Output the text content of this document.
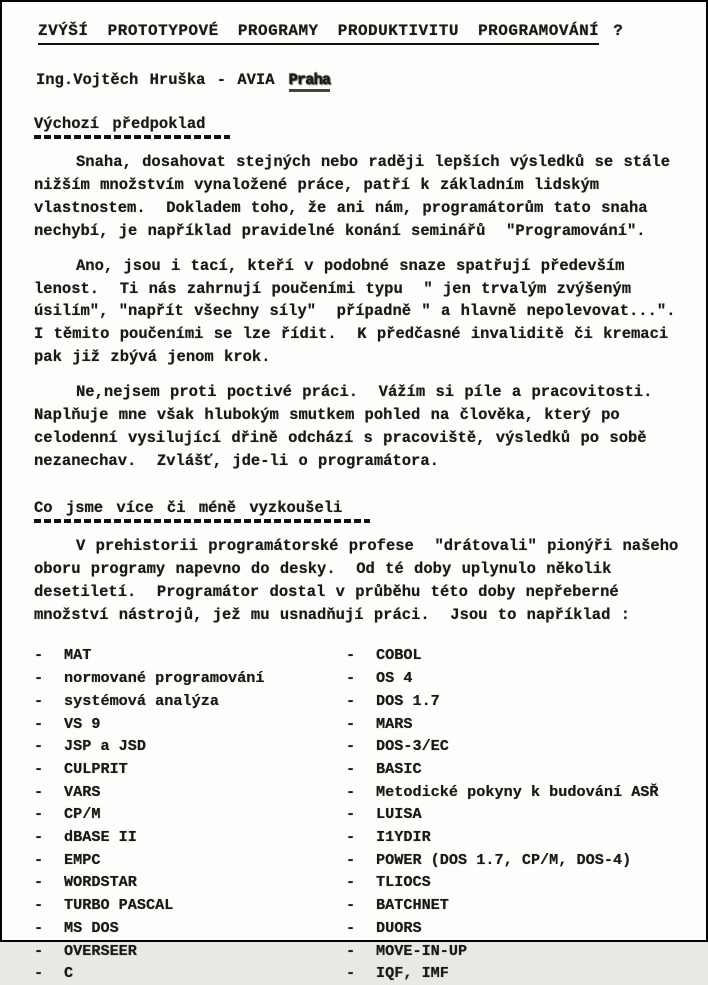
ZVÝŠÍ PROTOTYPOVÉ PROGRAMY PRODUKTIVITU PROGRAMOVÁNÍ ?
Ing.Vojtěch Hruška - AVIA Praha
Výchozí předpoklad

Snaha, dosahovat stejných nebo raději lepších výsledků se stále nižším množstvím vynaložené práce, patří k základním lidským vlastnostem.  Dokladem toho, že ani nám, programátorům tato snaha nechybí, je například pravidelné konání seminářů  "Programování".

Ano, jsou i tací, kteří v podobné snaze spatřují především lenost.  Ti nás zahrnují poučeními typu  " jen trvalým zvýšeným úsilím", "napřít všechny síly"  případně " a hlavně nepolevovat...".  I těmito poučeními se lze řídit.  K předčasné invaliditě či kremaci pak již zbývá jenom krok.

Ne,nejsem proti poctivé práci.  Vážím si píle a pracovitosti. Naplňuje mne však hlubokým smutkem pohled na člověka, který po celodenní vysilující dřině odchází s pracoviště, výsledků po sobě nezanechav.  Zvlášť, jde-li o programátora.

Co jsme více či méně vyzkoušeli

V prehistorii programátorské profese  "drátovali" pionýři našeho oboru programy napevno do desky.  Od té doby uplynulo několik desetiletí.  Programátor dostal v průběhu této doby nepřeberné množství nástrojů, jež mu usnadňují práci.  Jsou to například :

-	MAT
-	normované programování
-	systémová analýza
-	VS 9
-	JSP a JSD
-	CULPRIT
-	VARS
-	CP/M
-	dBASE II
-	EMPC
-	WORDSTAR
-	TURBO PASCAL
-	MS DOS
-	OVERSEER
-	C
-	COBOL
-	OS 4
-	DOS 1.7
-	MARS
-	DOS-3/EC
-	BASIC
-	Metodické pokyny k budování ASŘ
-	LUISA
-	I1YDIR
-	POWER (DOS 1.7, CP/M, DOS-4)
-	TLIOCS
-	BATCHNET
-	DUORS
-	MOVE-IN-UP
-	IQF, IMF
